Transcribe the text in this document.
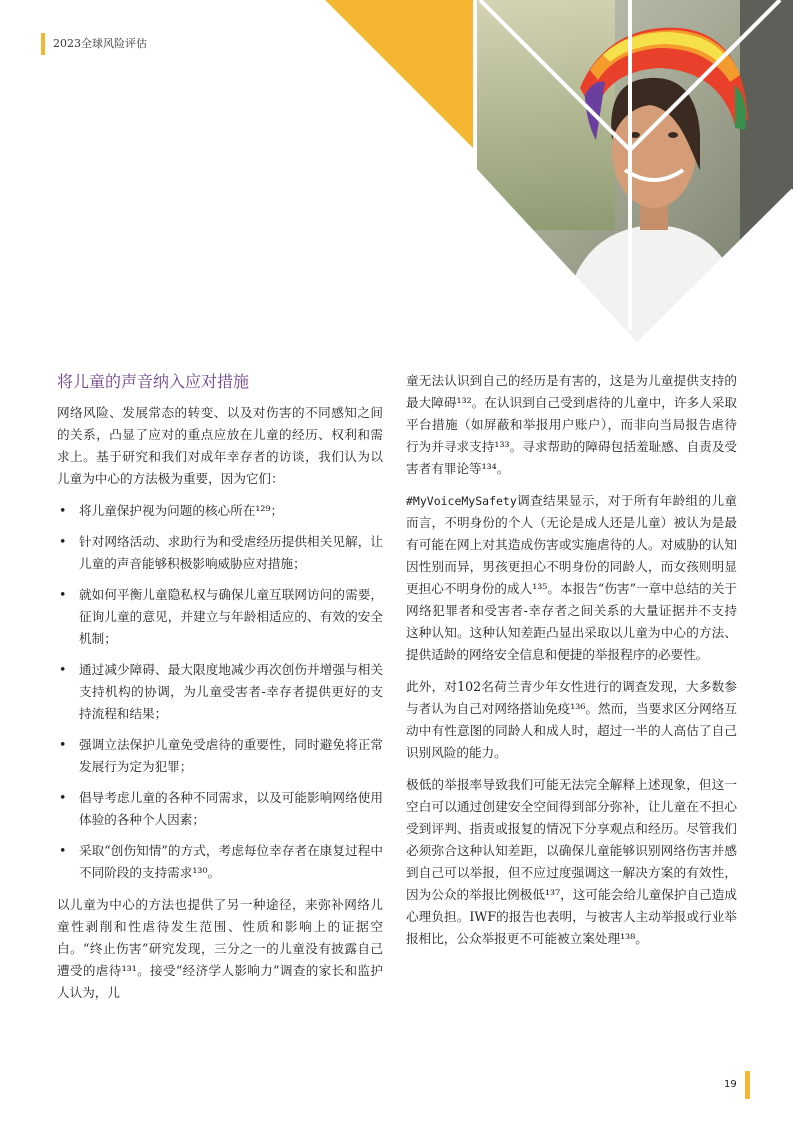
2023全球风险评估
将儿童的声音纳入应对措施

网络风险、发展常态的转变、以及对伤害的不同感知之间的关系，凸显了应对的重点应放在儿童的经历、权利和需求上。基于研究和我们对成年幸存者的访谈，我们认为以儿童为中心的方法极为重要，因为它们：

• 将儿童保护视为问题的核心所在¹²⁹；
• 针对网络活动、求助行为和受虐经历提供相关见解，让儿童的声音能够积极影响威胁应对措施；
• 就如何平衡儿童隐私权与确保儿童互联网访问的需要，征询儿童的意见，并建立与年龄相适应的、有效的安全机制；
• 通过减少障碍、最大限度地减少再次创伤并增强与相关支持机构的协调，为儿童受害者-幸存者提供更好的支持流程和结果；
• 强调立法保护儿童免受虐待的重要性，同时避免将正常发展行为定为犯罪；
• 倡导考虑儿童的各种不同需求，以及可能影响网络使用体验的各种个人因素；
• 采取“创伤知情”的方式，考虑每位幸存者在康复过程中不同阶段的支持需求¹³⁰。

以儿童为中心的方法也提供了另一种途径，来弥补网络儿童性剥削和性虐待发生范围、性质和影响上的证据空白。“终止伤害”研究发现，三分之一的儿童没有披露自己遭受的虐待¹³¹。接受“经济学人影响力”调查的家长和监护人认为，儿

童无法认识到自己的经历是有害的，这是为儿童提供支持的最大障碍¹³²。在认识到自己受到虐待的儿童中，许多人采取平台措施（如屏蔽和举报用户账户），而非向当局报告虐待行为并寻求支持¹³³。寻求帮助的障碍包括羞耻感、自责及受害者有罪论等¹³⁴。

#MyVoiceMySafety调查结果显示，对于所有年龄组的儿童而言，不明身份的个人（无论是成人还是儿童）被认为是最有可能在网上对其造成伤害或实施虐待的人。对威胁的认知因性别而异，男孩更担心不明身份的同龄人，而女孩则明显更担心不明身份的成人¹³⁵。本报告“伤害”一章中总结的关于网络犯罪者和受害者-幸存者之间关系的大量证据并不支持这种认知。这种认知差距凸显出采取以儿童为中心的方法、提供适龄的网络安全信息和便捷的举报程序的必要性。

此外，对102名荷兰青少年女性进行的调查发现，大多数参与者认为自己对网络搭讪免疫¹³⁶。然而，当要求区分网络互动中有性意图的同龄人和成人时，超过一半的人高估了自己识别风险的能力。

极低的举报率导致我们可能无法完全解释上述现象，但这一空白可以通过创建安全空间得到部分弥补，让儿童在不担心受到评判、指责或报复的情况下分享观点和经历。尽管我们必须弥合这种认知差距，以确保儿童能够识别网络伤害并感到自己可以举报，但不应过度强调这一解决方案的有效性，因为公众的举报比例极低¹³⁷，这可能会给儿童保护自己造成心理负担。IWF的报告也表明，与被害人主动举报或行业举报相比，公众举报更不可能被立案处理¹³⁸。

19
